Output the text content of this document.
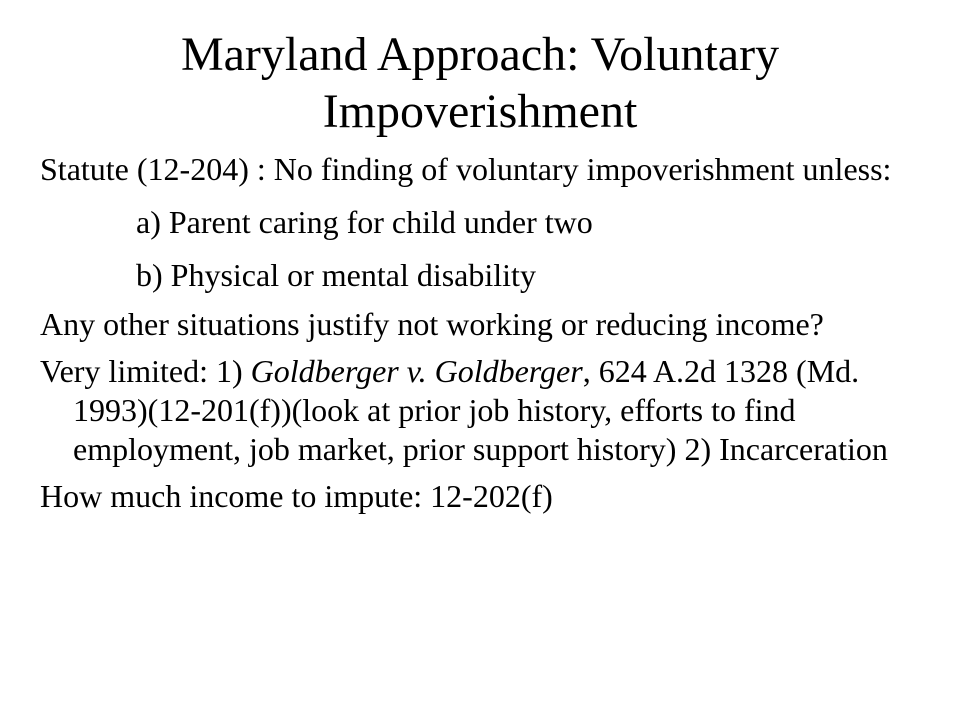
Maryland Approach: Voluntary
Impoverishment

Statute (12-204) : No finding of voluntary impoverishment unless:

a) Parent caring for child under two

b) Physical or mental disability

Any other situations justify not working or reducing income?

Very limited: 1) Goldberger v. Goldberger, 624 A.2d 1328 (Md. 1993)(12-201(f))(look at prior job history, efforts to find employment, job market, prior support history) 2) Incarceration

How much income to impute: 12-202(f)
